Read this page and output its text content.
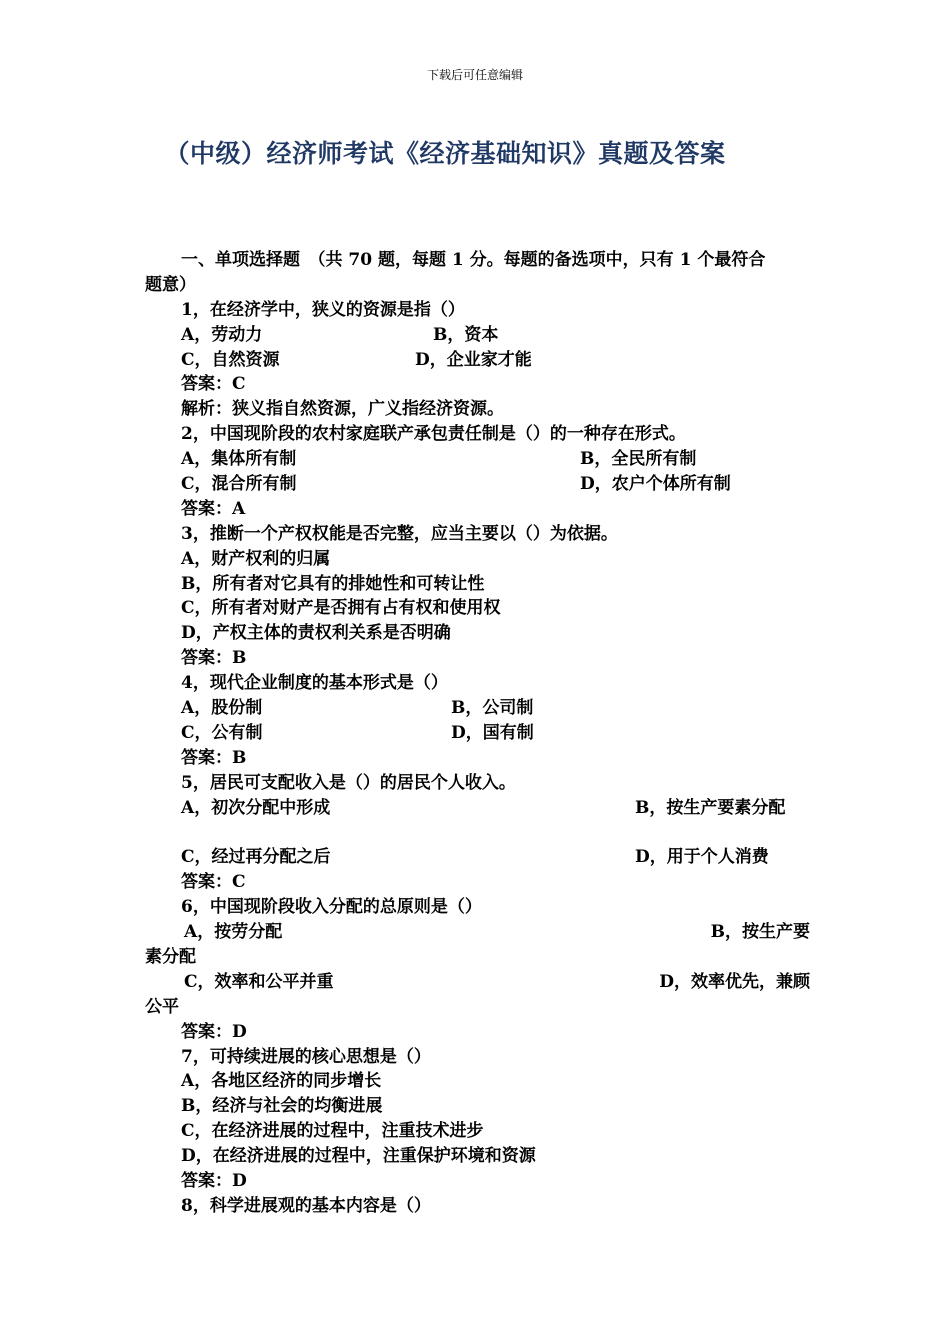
下载后可任意编辑
（中级）经济师考试《经济基础知识》真题及答案
一、单项选择题　（共 70 题，每题 1 分。每题的备选项中，只有 1 个最符合
题意）
1，在经济学中，狭义的资源是指（）
A，劳动力	B，资本
C，自然资源	D，企业家才能
答案：C
解析：狭义指自然资源，广义指经济资源。
2，中国现阶段的农村家庭联产承包责任制是（）的一种存在形式。
A，集体所有制	B，全民所有制
C，混合所有制	D，农户个体所有制
答案：A
3，推断一个产权权能是否完整，应当主要以（）为依据。
A，财产权利的归属
B，所有者对它具有的排她性和可转让性
C，所有者对财产是否拥有占有权和使用权
D，产权主体的责权利关系是否明确
答案：B
4，现代企业制度的基本形式是（）
A，股份制	B，公司制
C，公有制	D，国有制
答案：B
5，居民可支配收入是（）的居民个人收入。
A，初次分配中形成	B，按生产要素分配
C，经过再分配之后	D，用于个人消费
答案：C
6，中国现阶段收入分配的总原则是（）
A，按劳分配	B，按生产要
素分配
C，效率和公平并重	D，效率优先，兼顾
公平
答案：D
7，可持续进展的核心思想是（）
A，各地区经济的同步增长
B，经济与社会的均衡进展
C，在经济进展的过程中，注重技术进步
D，在经济进展的过程中，注重保护环境和资源
答案：D
8，科学进展观的基本内容是（）
